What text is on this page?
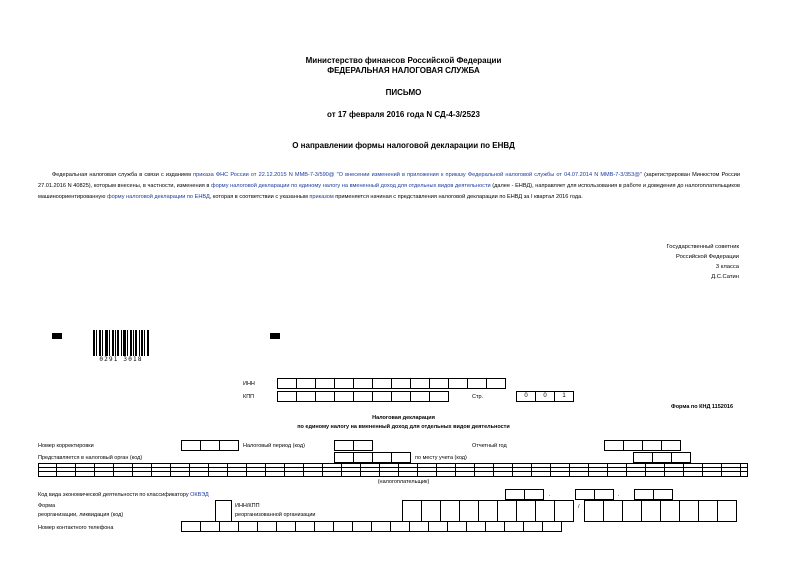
Министерство финансов Российской Федерации
ФЕДЕРАЛЬНАЯ НАЛОГОВАЯ СЛУЖБА
ПИСЬМО
от 17 февраля 2016 года N СД-4-3/2523
О направлении формы налоговой декларации по ЕНВД
Федеральная налоговая служба в связи с изданием приказа ФНС России от 22.12.2015 N ММВ-7-3/590@ "О внесении изменений в приложения к приказу Федеральной налоговой службы от 04.07.2014 N ММВ-7-3/353@" (зарегистрирован Минюстом России 27.01.2016 N 40825), которым внесены, в частности, изменения в форму налоговой декларации по единому налогу на вмененный доход для отдельных видов деятельности (далее - ЕНВД), направляет для использования в работе и доведения до налогоплательщиков машиноориентированную форму налоговой декларации по ЕНВД, которая в соответствии с указанным приказом применяется начиная с представления налоговой декларации по ЕНВД за I квартал 2016 года.
Государственный советник
Российской Федерации
3 класса
Д.С.Сатин
0291 3018
ИНН
КПП	Стр.	0	0	1
Форма по КНД 1152016
Налоговая декларация
по единому налогу на вмененный доход для отдельных видов деятельности
Номер корректировки	Налоговый период (код)	Отчетный год
Представляется в налоговый орган (код)	по месту учета (код)
(налогоплательщик)
Код вида экономической деятельности по классификатору ОКВЭД	.	.
Форма
реорганизации, ликвидация (код)
ИНН/КПП
реорганизованной организации
/
Номер контактного телефона
